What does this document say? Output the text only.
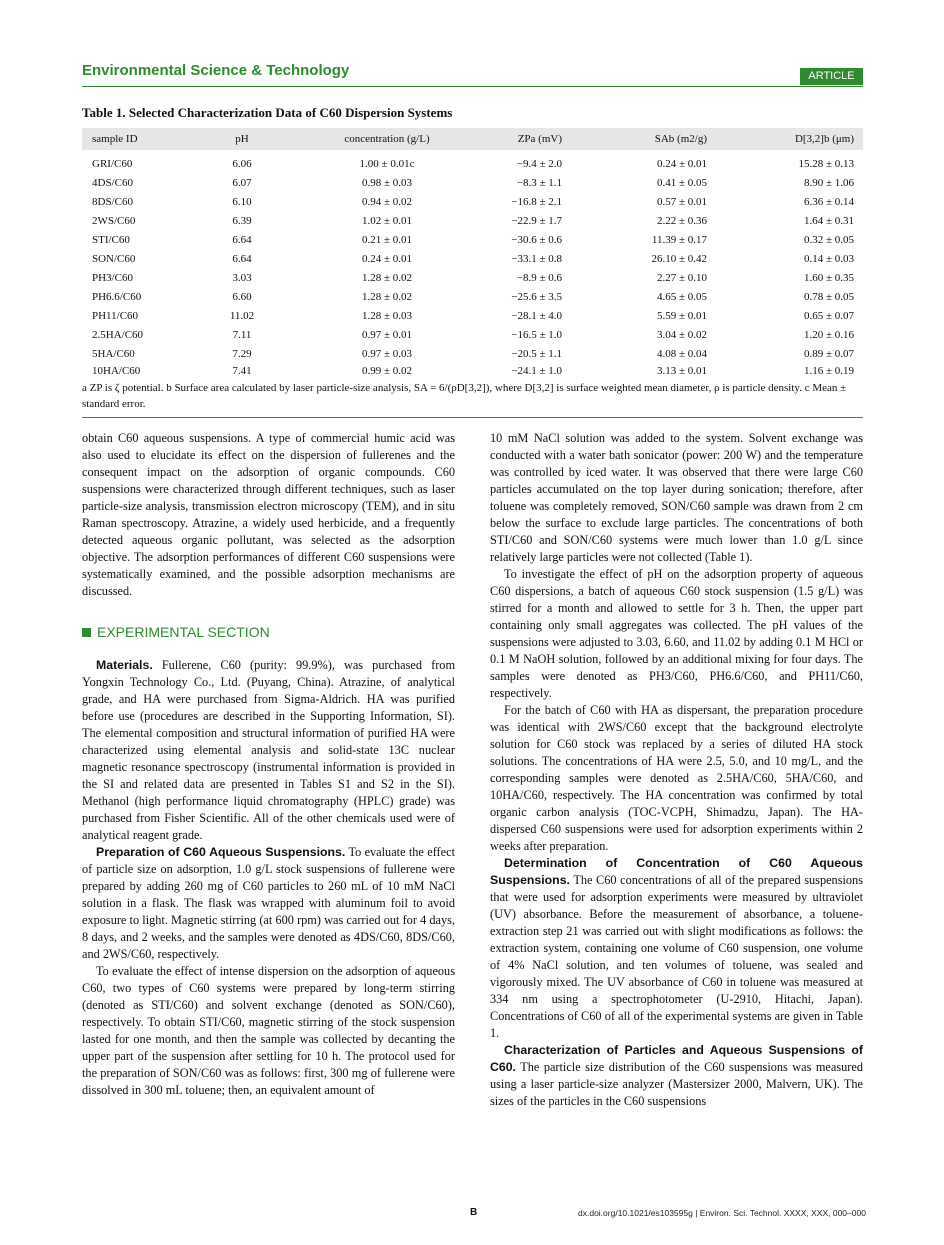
Environmental Science & Technology	ARTICLE
Table 1. Selected Characterization Data of C60 Dispersion Systems
sample ID	pH	concentration (g/L)	ZPa (mV)	SAb (m2/g)	D[3,2]b (μm)
GRI/C60	6.06	1.00 ± 0.01c	−9.4 ± 2.0	0.24 ± 0.01	15.28 ± 0.13
4DS/C60	6.07	0.98 ± 0.03	−8.3 ± 1.1	0.41 ± 0.05	8.90 ± 1.06
8DS/C60	6.10	0.94 ± 0.02	−16.8 ± 2.1	0.57 ± 0.01	6.36 ± 0.14
2WS/C60	6.39	1.02 ± 0.01	−22.9 ± 1.7	2.22 ± 0.36	1.64 ± 0.31
STI/C60	6.64	0.21 ± 0.01	−30.6 ± 0.6	11.39 ± 0.17	0.32 ± 0.05
SON/C60	6.64	0.24 ± 0.01	−33.1 ± 0.8	26.10 ± 0.42	0.14 ± 0.03
PH3/C60	3.03	1.28 ± 0.02	−8.9 ± 0.6	2.27 ± 0.10	1.60 ± 0.35
PH6.6/C60	6.60	1.28 ± 0.02	−25.6 ± 3.5	4.65 ± 0.05	0.78 ± 0.05
PH11/C60	11.02	1.28 ± 0.03	−28.1 ± 4.0	5.59 ± 0.01	0.65 ± 0.07
2.5HA/C60	7.11	0.97 ± 0.01	−16.5 ± 1.0	3.04 ± 0.02	1.20 ± 0.16
5HA/C60	7.29	0.97 ± 0.03	−20.5 ± 1.1	4.08 ± 0.04	0.89 ± 0.07
10HA/C60	7.41	0.99 ± 0.02	−24.1 ± 1.0	3.13 ± 0.01	1.16 ± 0.19
a ZP is ζ potential. b Surface area calculated by laser particle-size analysis, SA = 6/(ρD[3,2]), where D[3,2] is surface weighted mean diameter, ρ is particle density. c Mean ± standard error.

obtain C60 aqueous suspensions. A type of commercial humic acid was also used to elucidate its effect on the dispersion of fullerenes and the consequent impact on the adsorption of organic compounds. C60 suspensions were characterized through different techniques, such as laser particle-size analysis, transmission electron microscopy (TEM), and in situ Raman spectroscopy. Atrazine, a widely used herbicide, and a frequently detected aqueous organic pollutant, was selected as the adsorption objective. The adsorption performances of different C60 suspensions were systematically examined, and the possible adsorption mechanisms are discussed.

EXPERIMENTAL SECTION

Materials. Fullerene, C60 (purity: 99.9%), was purchased from Yongxin Technology Co., Ltd. (Puyang, China). Atrazine, of analytical grade, and HA were purchased from Sigma-Aldrich. HA was purified before use (procedures are described in the Supporting Information, SI). The elemental composition and structural information of purified HA were characterized using elemental analysis and solid-state 13C nuclear magnetic resonance spectroscopy (instrumental information is provided in the SI and related data are presented in Tables S1 and S2 in the SI). Methanol (high performance liquid chromatography (HPLC) grade) was purchased from Fisher Scientific. All of the other chemicals used were of analytical reagent grade.

Preparation of C60 Aqueous Suspensions. To evaluate the effect of particle size on adsorption, 1.0 g/L stock suspensions of fullerene were prepared by adding 260 mg of C60 particles to 260 mL of 10 mM NaCl solution in a flask. The flask was wrapped with aluminum foil to avoid exposure to light. Magnetic stirring (at 600 rpm) was carried out for 4 days, 8 days, and 2 weeks, and the samples were denoted as 4DS/C60, 8DS/C60, and 2WS/C60, respectively.

To evaluate the effect of intense dispersion on the adsorption of aqueous C60, two types of C60 systems were prepared by long-term stirring (denoted as STI/C60) and solvent exchange (denoted as SON/C60), respectively. To obtain STI/C60, magnetic stirring of the stock suspension lasted for one month, and then the sample was collected by decanting the upper part of the suspension after settling for 10 h. The protocol used for the preparation of SON/C60 was as follows: first, 300 mg of fullerene were dissolved in 300 mL toluene; then, an equivalent amount of

10 mM NaCl solution was added to the system. Solvent exchange was conducted with a water bath sonicator (power: 200 W) and the temperature was controlled by iced water. It was observed that there were large C60 particles accumulated on the top layer during sonication; therefore, after toluene was completely removed, SON/C60 sample was drawn from 2 cm below the surface to exclude large particles. The concentrations of both STI/C60 and SON/C60 systems were much lower than 1.0 g/L since relatively large particles were not collected (Table 1).

To investigate the effect of pH on the adsorption property of aqueous C60 dispersions, a batch of aqueous C60 stock suspension (1.5 g/L) was stirred for a month and allowed to settle for 3 h. Then, the upper part containing only small aggregates was collected. The pH values of the suspensions were adjusted to 3.03, 6.60, and 11.02 by adding 0.1 M HCl or 0.1 M NaOH solution, followed by an additional mixing for four days. The samples were denoted as PH3/C60, PH6.6/C60, and PH11/C60, respectively.

For the batch of C60 with HA as dispersant, the preparation procedure was identical with 2WS/C60 except that the background electrolyte solution for C60 stock was replaced by a series of diluted HA stock solutions. The concentrations of HA were 2.5, 5.0, and 10 mg/L, and the corresponding samples were denoted as 2.5HA/C60, 5HA/C60, and 10HA/C60, respectively. The HA concentration was confirmed by total organic carbon analysis (TOC-VCPH, Shimadzu, Japan). The HA-dispersed C60 suspensions were used for adsorption experiments within 2 weeks after preparation.

Determination of Concentration of C60 Aqueous Suspensions. The C60 concentrations of all of the prepared suspensions that were used for adsorption experiments were measured by ultraviolet (UV) absorbance. Before the measurement of absorbance, a toluene-extraction step 21 was carried out with slight modifications as follows: the extraction system, containing one volume of C60 suspension, one volume of 4% NaCl solution, and ten volumes of toluene, was sealed and vigorously mixed. The UV absorbance of C60 in toluene was measured at 334 nm using a spectrophotometer (U-2910, Hitachi, Japan). Concentrations of C60 of all of the experimental systems are given in Table 1.

Characterization of Particles and Aqueous Suspensions of C60. The particle size distribution of the C60 suspensions was measured using a laser particle-size analyzer (Mastersizer 2000, Malvern, UK). The sizes of the particles in the C60 suspensions

B	dx.doi.org/10.1021/es103595g | Environ. Sci. Technol. XXXX, XXX, 000–000
